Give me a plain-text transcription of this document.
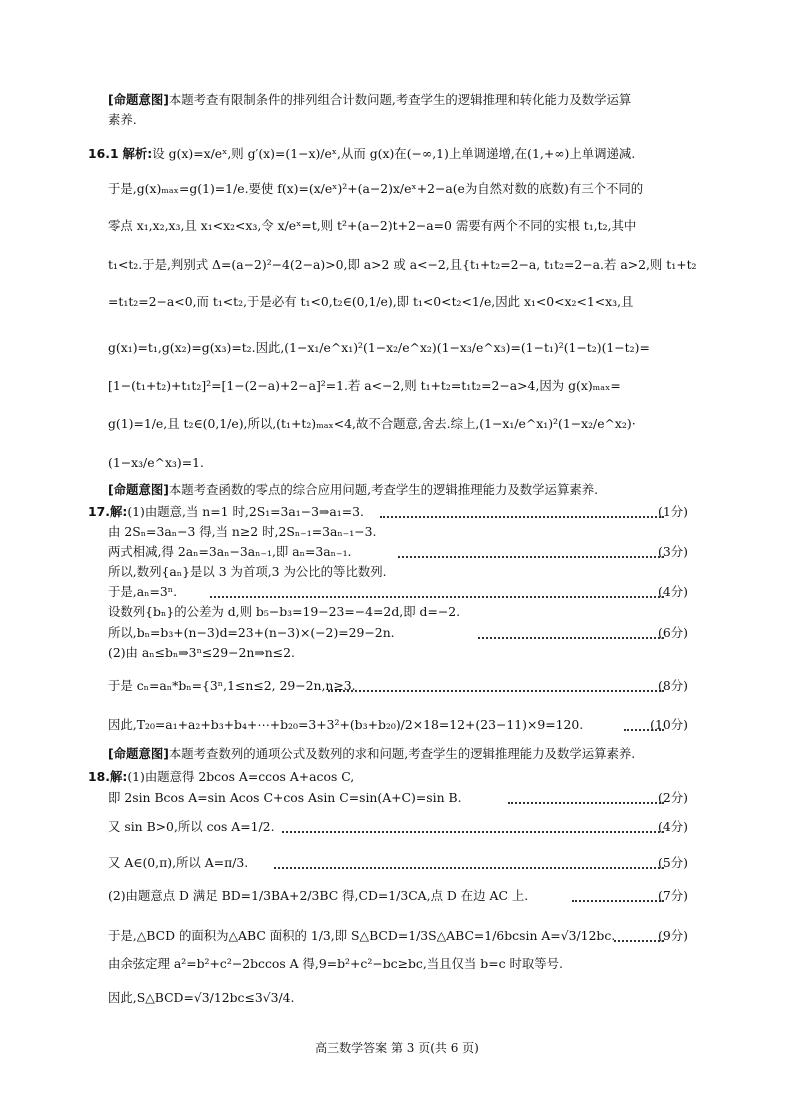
[命题意图]本题考查有限制条件的排列组合计数问题,考查学生的逻辑推理和转化能力及数学运算
素养.
16.1 解析:设 g(x)=x/eˣ,则 g′(x)=(1−x)/eˣ,从而 g(x)在(−∞,1)上单调递增,在(1,+∞)上单调递减.
于是,g(x)ₘₐₓ=g(1)=1/e.要使 f(x)=(x/eˣ)²+(a−2)x/eˣ+2−a(e为自然对数的底数)有三个不同的
零点 x₁,x₂,x₃,且 x₁<x₂<x₃,令 x/eˣ=t,则 t²+(a−2)t+2−a=0 需要有两个不同的实根 t₁,t₂,其中
t₁<t₂.于是,判别式 Δ=(a−2)²−4(2−a)>0,即 a>2 或 a<−2,且{t₁+t₂=2−a, t₁t₂=2−a.若 a>2,则 t₁+t₂
=t₁t₂=2−a<0,而 t₁<t₂,于是必有 t₁<0,t₂∈(0,1/e),即 t₁<0<t₂<1/e,因此 x₁<0<x₂<1<x₃,且
g(x₁)=t₁,g(x₂)=g(x₃)=t₂.因此,(1−x₁/e^x₁)²(1−x₂/e^x₂)(1−x₃/e^x₃)=(1−t₁)²(1−t₂)(1−t₂)=
[1−(t₁+t₂)+t₁t₂]²=[1−(2−a)+2−a]²=1.若 a<−2,则 t₁+t₂=t₁t₂=2−a>4,因为 g(x)ₘₐₓ=
g(1)=1/e,且 t₂∈(0,1/e),所以,(t₁+t₂)ₘₐₓ<4,故不合题意,舍去.综上,(1−x₁/e^x₁)²(1−x₂/e^x₂)·
(1−x₃/e^x₃)=1.
[命题意图]本题考查函数的零点的综合应用问题,考查学生的逻辑推理能力及数学运算素养.
17.解:(1)由题意,当 n=1 时,2S₁=3a₁−3⇒a₁=3.	(1分)
由 2Sₙ=3aₙ−3 得,当 n≥2 时,2Sₙ₋₁=3aₙ₋₁−3.
两式相减,得 2aₙ=3aₙ−3aₙ₋₁,即 aₙ=3aₙ₋₁.	(3分)
所以,数列{aₙ}是以 3 为首项,3 为公比的等比数列.
于是,aₙ=3ⁿ.	(4分)
设数列{bₙ}的公差为 d,则 b₅−b₃=19−23=−4=2d,即 d=−2.
所以,bₙ=b₃+(n−3)d=23+(n−3)×(−2)=29−2n.	(6分)
(2)由 aₙ≤bₙ⇒3ⁿ≤29−2n⇒n≤2.
于是 cₙ=aₙ*bₙ={3ⁿ,1≤n≤2, 29−2n,n≥3.	(8分)
因此,T₂₀=a₁+a₂+b₃+b₄+⋯+b₂₀=3+3²+(b₃+b₂₀)/2×18=12+(23−11)×9=120.	(10分)
[命题意图]本题考查数列的通项公式及数列的求和问题,考查学生的逻辑推理能力及数学运算素养.
18.解:(1)由题意得 2bcos A=ccos A+acos C,
即 2sin Bcos A=sin Acos C+cos Asin C=sin(A+C)=sin B.	(2分)
又 sin B>0,所以 cos A=1/2.	(4分)
又 A∈(0,π),所以 A=π/3.	(5分)
(2)由题意点 D 满足 BD=1/3BA+2/3BC 得,CD=1/3CA,点 D 在边 AC 上.	(7分)
于是,△BCD 的面积为△ABC 面积的 1/3,即 S△BCD=1/3S△ABC=1/6bcsin A=√3/12bc.	(9分)
由余弦定理 a²=b²+c²−2bccos A 得,9=b²+c²−bc≥bc,当且仅当 b=c 时取等号.
因此,S△BCD=√3/12bc≤3√3/4.
高三数学答案 第 3 页(共 6 页)
